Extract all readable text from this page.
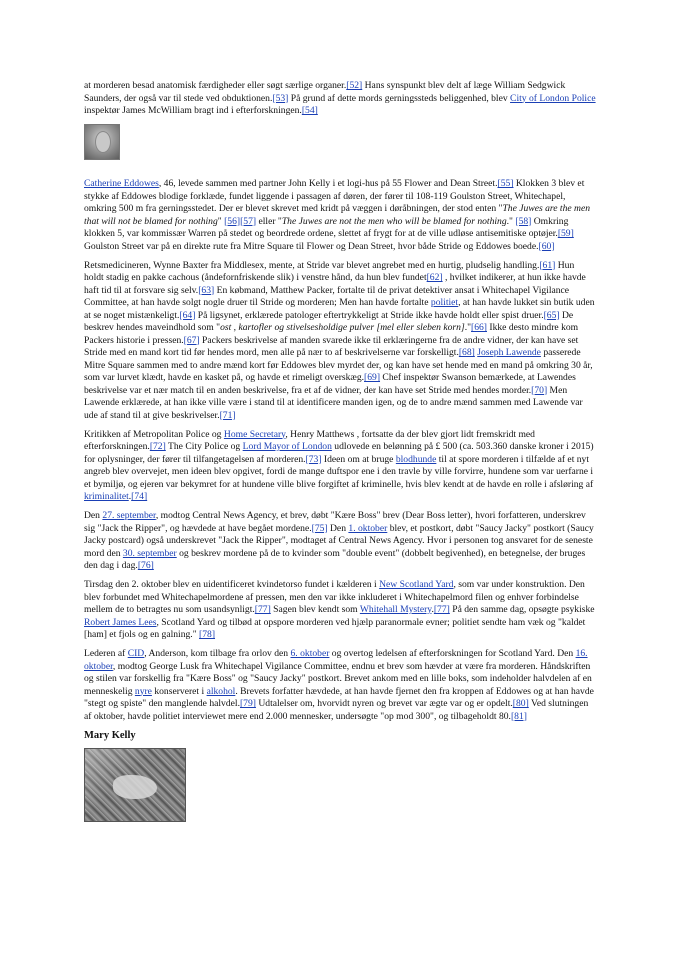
at morderen besad anatomisk færdigheder eller søgt særlige organer.[52] Hans synspunkt blev delt af læge William Sedgwick Saunders, der også var til stede ved obduktionen.[53] På grund af dette mords gerningssteds beliggenhed, blev City of London Police inspektør James McWilliam bragt ind i efterforskningen.[54]

Catherine Eddowes, 46, levede sammen med partner John Kelly i et logi-hus på 55 Flower and Dean Street.[55] Klokken 3 blev et stykke af Eddowes blodige forklæde, fundet liggende i passagen af døren, der fører til 108-119 Goulston Street, Whitechapel, omkring 500 m fra gerningsstedet. Der er blevet skrevet med kridt på væggen i døråbningen, der stod enten "The Juwes are the men that will not be blamed for nothing" [56][57] eller "The Juwes are not the men who will be blamed for nothing." [58] Omkring klokken 5, var kommissær Warren på stedet og beordrede ordene, slettet af frygt for at de ville udløse antisemitiske optøjer.[59] Goulston Street var på en direkte rute fra Mitre Square til Flower og Dean Street, hvor både Stride og Eddowes boede.[60]

Retsmedicineren, Wynne Baxter fra Middlesex, mente, at Stride var blevet angrebet med en hurtig, pludselig handling.[61] Hun holdt stadig en pakke cachous (åndefornfriskende slik) i venstre hånd, da hun blev fundet[62] , hvilket indikerer, at hun ikke havde haft tid til at forsvare sig selv.[63] En købmand, Matthew Packer, fortalte til de privat detektiver ansat i Whitechapel Vigilance Committee, at han havde solgt nogle druer til Stride og morderen; Men han havde fortalte politiet, at han havde lukket sin butik uden at se noget mistænkeligt.[64] På ligsynet, erklærede patologer eftertrykkeligt at Stride ikke havde holdt eller spist druer.[65] De beskrev hendes maveindhold som "ost , kartofler og stivelsesholdige pulver [mel eller sleben korn]."[66] Ikke desto mindre kom Packers historie i pressen.[67] Packers beskrivelse af manden svarede ikke til erklæringerne fra de andre vidner, der kan have set Stride med en mand kort tid før hendes mord, men alle på nær to af beskrivelserne var forskelligt.[68] Joseph Lawende passerede Mitre Square sammen med to andre mænd kort før Eddowes blev myrdet der, og kan have set hende med en mand på omkring 30 år, som var lurvet klædt, havde en kasket på, og havde et rimeligt overskæg.[69] Chef inspektør Swanson bemærkede, at Lawendes beskrivelse var et nær match til en anden beskrivelse, fra et af de vidner, der kan have set Stride med hendes morder.[70] Men Lawende erklærede, at han ikke ville være i stand til at identificere manden igen, og de to andre mænd sammen med Lawende var ude af stand til at give beskrivelser.[71]

Kritikken af Metropolitan Police og Home Secretary, Henry Matthews , fortsatte da der blev gjort lidt fremskridt med efterforskningen.[72] The City Police og Lord Mayor of London udlovede en belønning på £ 500 (ca. 503.360 danske kroner i 2015) for oplysninger, der fører til tilfangetagelsen af morderen.[73] Ideen om at bruge blodhunde til at spore morderen i tilfælde af et nyt angreb blev overvejet, men ideen blev opgivet, fordi de mange duftspor ene i den travle by ville forvirre, hundene som var uerfarne i et bymiljø, og ejeren var bekymret for at hundene ville blive forgiftet af kriminelle, hvis blev kendt at de havde en rolle i afsløring af kriminalitet.[74]

Den 27. september, modtog Central News Agency, et brev, døbt "Kære Boss" brev (Dear Boss letter), hvori forfatteren, underskrev sig "Jack the Ripper", og hævdede at have begået mordene.[75] Den 1. oktober blev, et postkort, døbt "Saucy Jacky" postkort (Saucy Jacky postcard) også underskrevet "Jack the Ripper", modtaget af Central News Agency. Hvor i personen tog ansvaret for de seneste mord den 30. september og beskrev mordene på de to kvinder som "double event" (dobbelt begivenhed), en betegnelse, der bruges den dag i dag.[76]

Tirsdag den 2. oktober blev en uidentificeret kvindetorso fundet i kælderen i New Scotland Yard, som var under konstruktion. Den blev forbundet med Whitechapelmordene af pressen, men den var ikke inkluderet i Whitechapelmord filen og enhver forbindelse mellem de to betragtes nu som usandsynligt.[77] Sagen blev kendt som Whitehall Mystery.[77] På den samme dag, opsøgte psykiske Robert James Lees, Scotland Yard og tilbød at opspore morderen ved hjælp paranormale evner; politiet sendte ham væk og "kaldet [ham] et fjols og en galning." [78]

Lederen af CID, Anderson, kom tilbage fra orlov den 6. oktober og overtog ledelsen af efterforskningen for Scotland Yard. Den 16. oktober, modtog George Lusk fra Whitechapel Vigilance Committee, endnu et brev som hævder at være fra morderen. Håndskriften og stilen var forskellig fra "Kære Boss" og "Saucy Jacky" postkort. Brevet ankom med en lille boks, som indeholder halvdelen af en menneskelig nyre konserveret i alkohol. Brevets forfatter hævdede, at han havde fjernet den fra kroppen af Eddowes og at han havde "stegt og spiste" den manglende halvdel.[79] Udtalelser om, hvorvidt nyren og brevet var ægte var og er opdelt.[80] Ved slutningen af oktober, havde politiet interviewet mere end 2.000 mennesker, undersøgte "op mod 300", og tilbageholdt 80.[81]

Mary Kelly
